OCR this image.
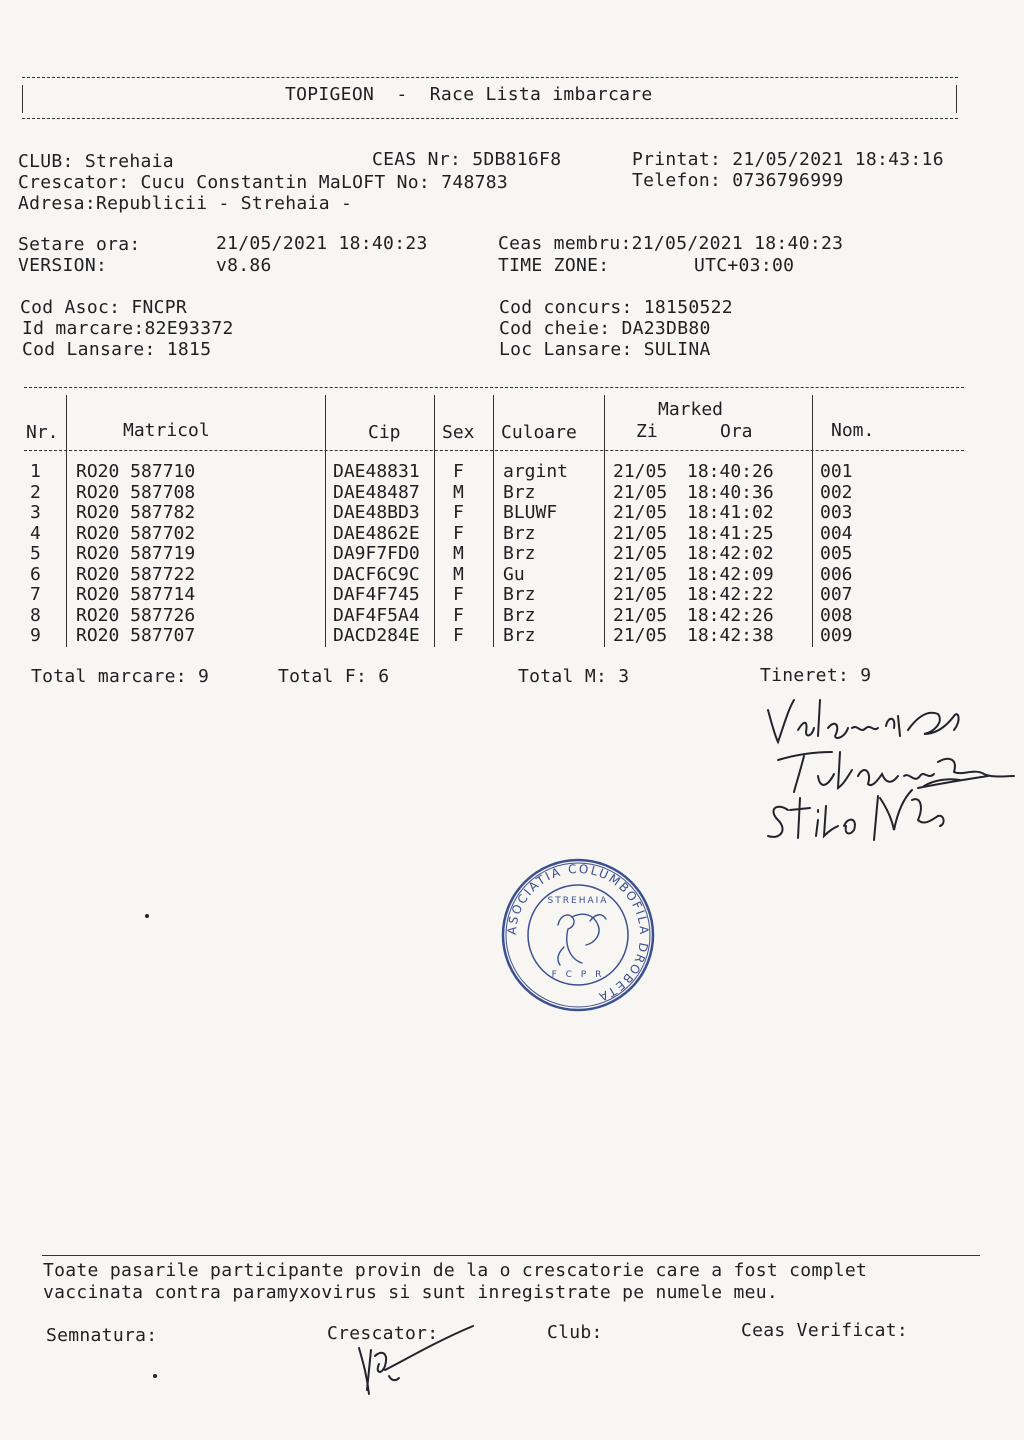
TOPIGEON  -  Race Lista imbarcare
CLUB: Strehaia	CEAS Nr: 5DB816F8	Printat: 21/05/2021 18:43:16
Crescator: Cucu Constantin MaLOFT No: 748783	Telefon: 0736796999
Adresa:Republicii - Strehaia -
Setare ora:	21/05/2021 18:40:23	Ceas membru:21/05/2021 18:40:23
VERSION:	v8.86	TIME ZONE:	UTC+03:00
Cod Asoc: FNCPR	Cod concurs: 18150522
Id marcare:82E93372	Cod cheie: DA23DB80
Cod Lansare: 1815	Loc Lansare: SULINA
Nr.	Matricol	Cip Sex Culoare
Marked
Zi	Ora	Nom.
1 RO20 587710	DAE48831 F argint 21/05 18:40:26	001
2 RO20 587708	DAE48487 M Brz	21/05 18:40:36	002
3 RO20 587782	DAE48BD3 F BLUWF	21/05 18:41:02	003
4 RO20 587702	DAE4862E F Brz	21/05 18:41:25	004
5 RO20 587719	DA9F7FD0 M Brz	21/05 18:42:02	005
6 RO20 587722	DACF6C9C M Gu	21/05 18:42:09	006
7 RO20 587714	DAF4F745 F Brz	21/05 18:42:22	007
8 RO20 587726	DAF4F5A4 F Brz	21/05 18:42:26	008
9 RO20 587707	DACD284E F Brz	21/05 18:42:38	009
Total marcare: 9	Total F: 6	Total M: 3	Tineret: 9
ASOCIATIA COLUMBOFILA DROBETA
STREHAIA
F C P R
Toate pasarile participante provin de la o crescatorie care a fost complet
vaccinata contra paramyxovirus si sunt inregistrate pe numele meu.
Semnatura:	Crescator:	Club:	Ceas Verificat:
